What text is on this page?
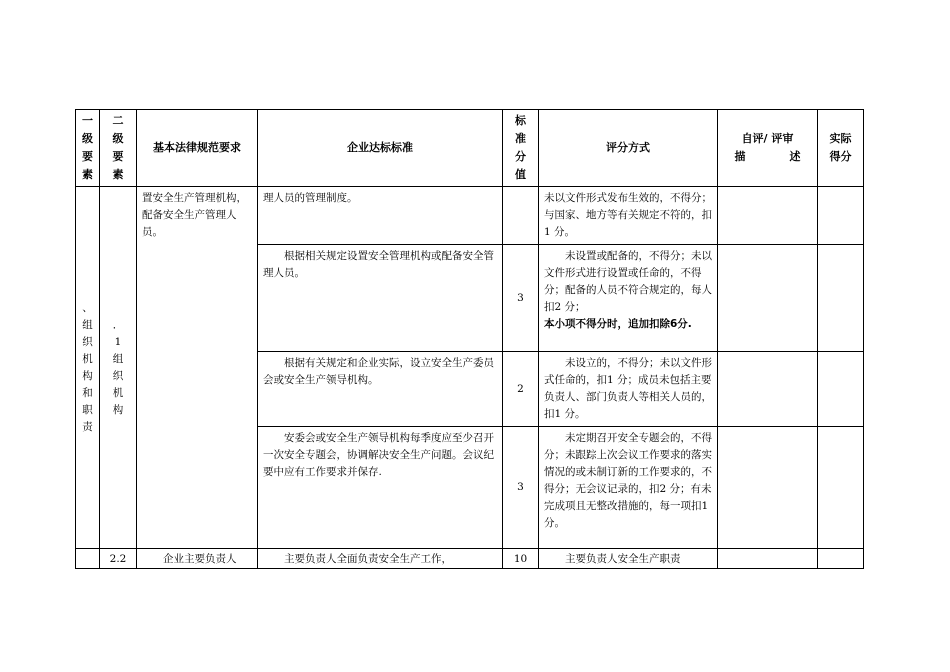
一级要素	二级要素	基本法律规范要求	企业达标标准	标准分值	评分方式	自评/ 评审
描　　　　述	实际得分

、组织机构和职责	．1组织机构	置安全生产管理机构，配备安全生产管理人员。	理人员的管理制度。		未以文件形式发布生效的，不得分；与国家、地方等有关规定不符的，扣1 分。		
			根据相关规定设置安全管理机构或配备安全管理人员。	3	未设置或配备的，不得分；未以文件形式进行设置或任命的，不得分；配备的人员不符合规定的，每人扣2 分；
本小项不得分时，追加扣除6分.		
			根据有关规定和企业实际，设立安全生产委员会或安全生产领导机构。	2	未设立的，不得分；未以文件形式任命的，扣1 分；成员未包括主要负责人、部门负责人等相关人员的，扣1 分。		
			安委会或安全生产领导机构每季度应至少召开一次安全专题会，协调解决安全生产问题。会议纪要中应有工作要求并保存.	3	未定期召开安全专题会的，不得分；未跟踪上次会议工作要求的落实情况的或未制订新的工作要求的，不得分；无会议记录的，扣2 分；有未完成项且无整改措施的，每一项扣1 分。		
	2.2	企业主要负责人	主要负责人全面负责安全生产工作，	10	主要负责人安全生产职责		
